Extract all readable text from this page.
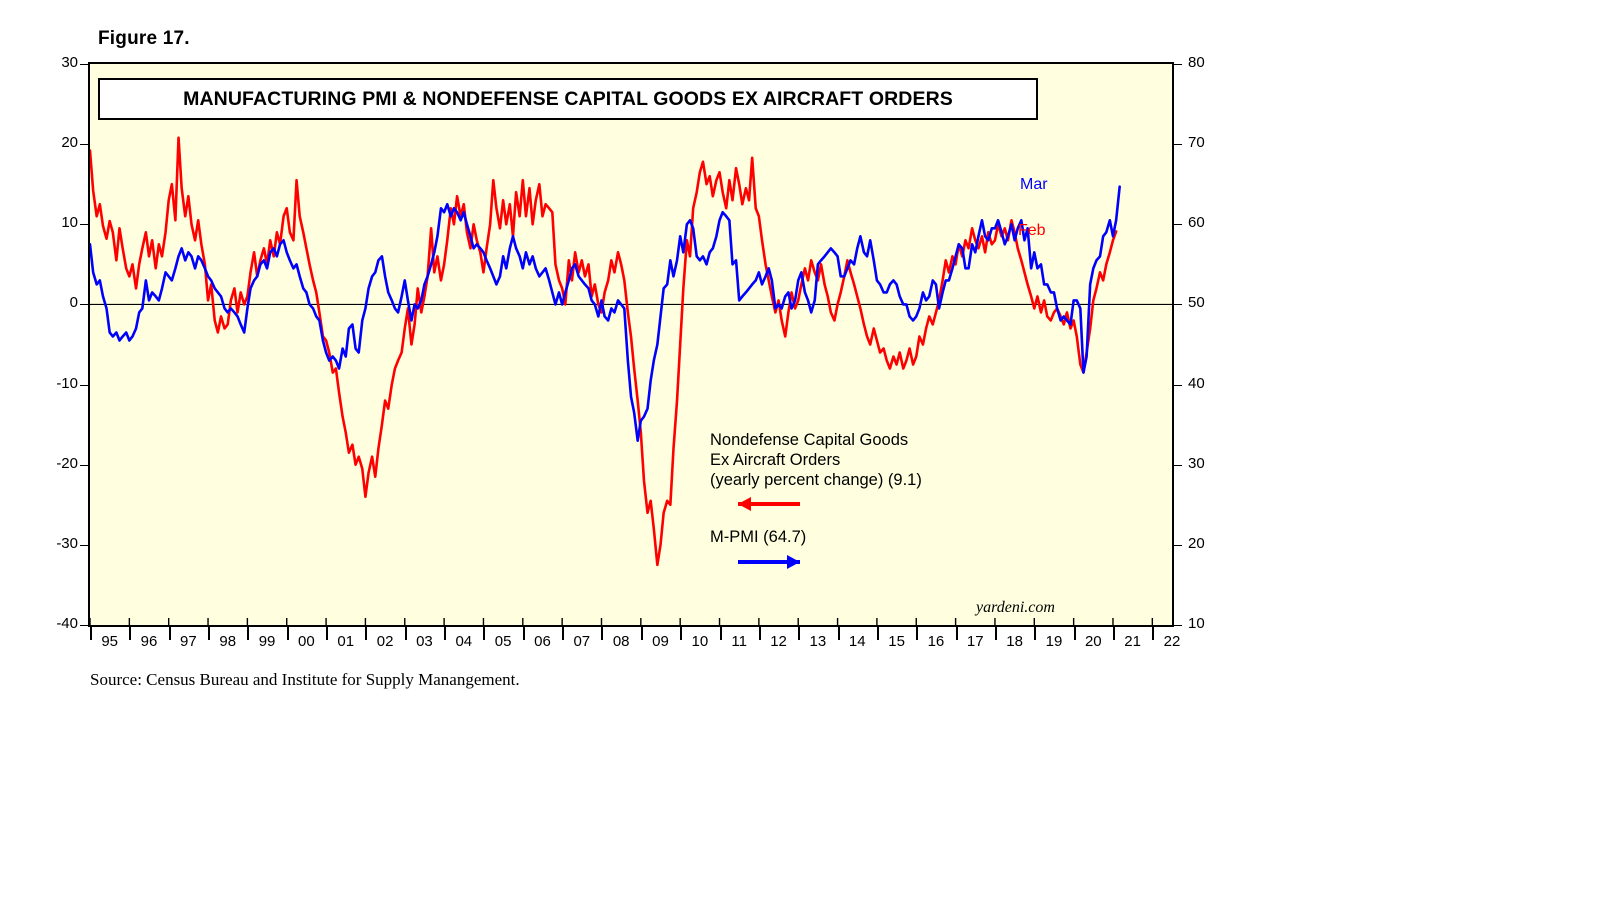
Figure 17.
MANUFACTURING PMI & NONDEFENSE CAPITAL GOODS EX AIRCRAFT ORDERS
Mar
Feb
Nondefense Capital Goods
Ex Aircraft Orders
(yearly percent change) (9.1)
M-PMI (64.7)
yardeni.com
Source: Census Bureau and Institute for Supply Manangement.
-40
-30
-20
-10
0
10
20
30
10
20
30
40
50
60
70
80
95	96	97	98	99	00	01	02	03	04	05	06	07	08	09	10	11	12	13	14	15	16	17	18	19	20	21	22
